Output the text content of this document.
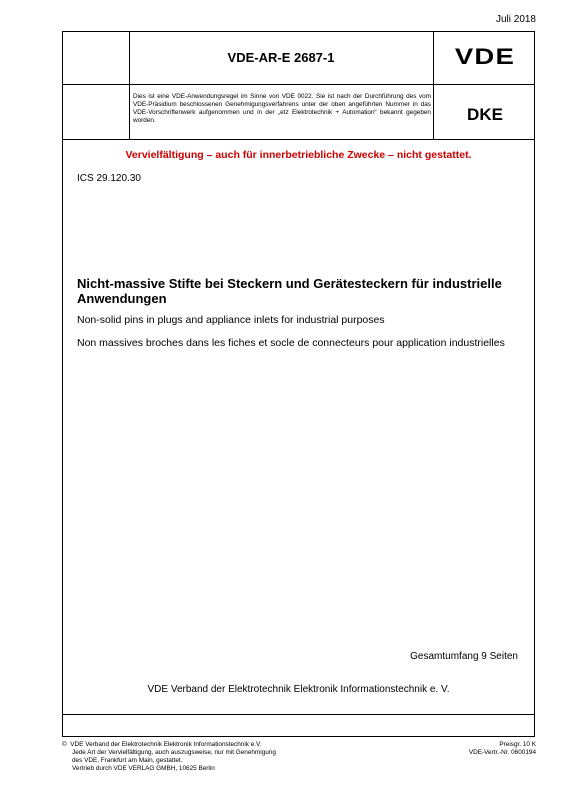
Juli 2018
VDE-AR-E 2687-1	VDE
Dies ist eine VDE-Anwendungsregel im Sinne von VDE 0022. Sie ist nach der Durchführung des vom VDE-Präsidium beschlossenen Genehmigungsverfahrens unter der oben angeführten Nummer in das VDE-Vorschriftenwerk aufgenommen und in der „etz Elektrotechnik + Automation“ bekannt gegeben worden.	DKE
Vervielfältigung – auch für innerbetriebliche Zwecke – nicht gestattet.
ICS 29.120.30
Nicht-massive Stifte bei Steckern und Gerätesteckern für industrielle Anwendungen
Non-solid pins in plugs and appliance inlets for industrial purposes
Non massives broches dans les fiches et socle de connecteurs pour application industrielles
Gesamtumfang 9 Seiten
VDE Verband der Elektrotechnik Elektronik Informationstechnik e. V.
© VDE Verband der Elektrotechnik Elektronik Informationstechnik e.V.
Jede Art der Vervielfältigung, auch auszugsweise, nur mit Genehmigung
des VDE, Frankfurt am Main, gestattet.
Vertrieb durch VDE VERLAG GMBH, 10625 Berlin
Preisgr. 10 K
VDE-Vertr.-Nr. 0600194
